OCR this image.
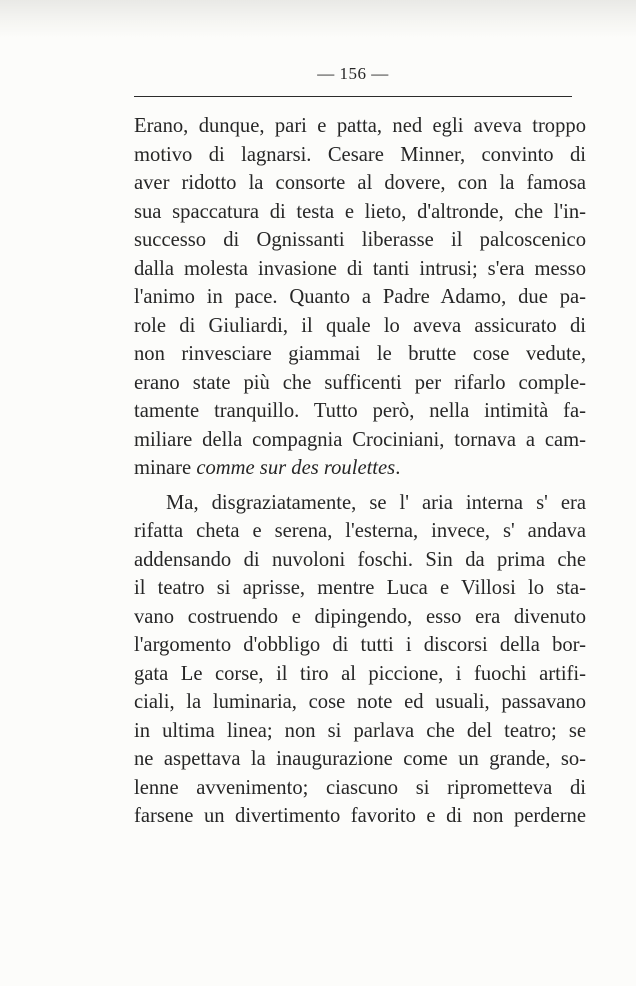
— 156 —
Erano, dunque, pari e patta, ned egli aveva troppo
motivo di lagnarsi. Cesare Minner, convinto di
aver ridotto la consorte al dovere, con la famosa
sua spaccatura di testa e lieto, d'altronde, che l'in-
successo di Ognissanti liberasse il palcoscenico
dalla molesta invasione di tanti intrusi; s'era messo
l'animo in pace. Quanto a Padre Adamo, due pa-
role di Giuliardi, il quale lo aveva assicurato di
non rinvesciare giammai le brutte cose vedute,
erano state più che sufficenti per rifarlo comple-
tamente tranquillo. Tutto però, nella intimità fa-
miliare della compagnia Crociniani, tornava a cam-
minare comme sur des roulettes.
Ma, disgraziatamente, se l' aria interna s' era
rifatta cheta e serena, l'esterna, invece, s' andava
addensando di nuvoloni foschi. Sin da prima che
il teatro si aprisse, mentre Luca e Villosi lo sta-
vano costruendo e dipingendo, esso era divenuto
l'argomento d'obbligo di tutti i discorsi della bor-
gata Le corse, il tiro al piccione, i fuochi artifi-
ciali, la luminaria, cose note ed usuali, passavano
in ultima linea; non si parlava che del teatro; se
ne aspettava la inaugurazione come un grande, so-
lenne avvenimento; ciascuno si riprometteva di
farsene un divertimento favorito e di non perderne
